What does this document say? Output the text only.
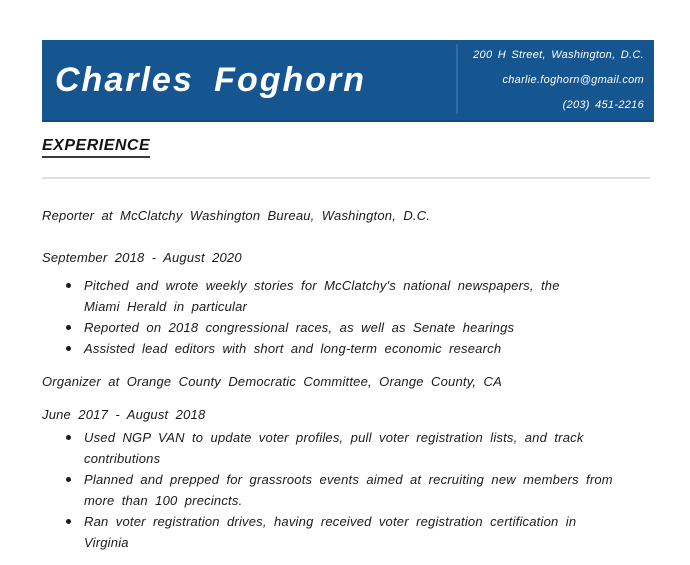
Charles Foghorn
200 H Street, Washington, D.C.
charlie.foghorn@gmail.com
(203) 451-2216
EXPERIENCE
Reporter at McClatchy Washington Bureau, Washington, D.C.
September 2018 - August 2020
Pitched and wrote weekly stories for McClatchy's national newspapers, the
Miami Herald in particular
Reported on 2018 congressional races, as well as Senate hearings
Assisted lead editors with short and long-term economic research
Organizer at Orange County Democratic Committee, Orange County, CA
June 2017 - August 2018
Used NGP VAN to update voter profiles, pull voter registration lists, and track
contributions
Planned and prepped for grassroots events aimed at recruiting new members from
more than 100 precincts.
Ran voter registration drives, having received voter registration certification in
Virginia
